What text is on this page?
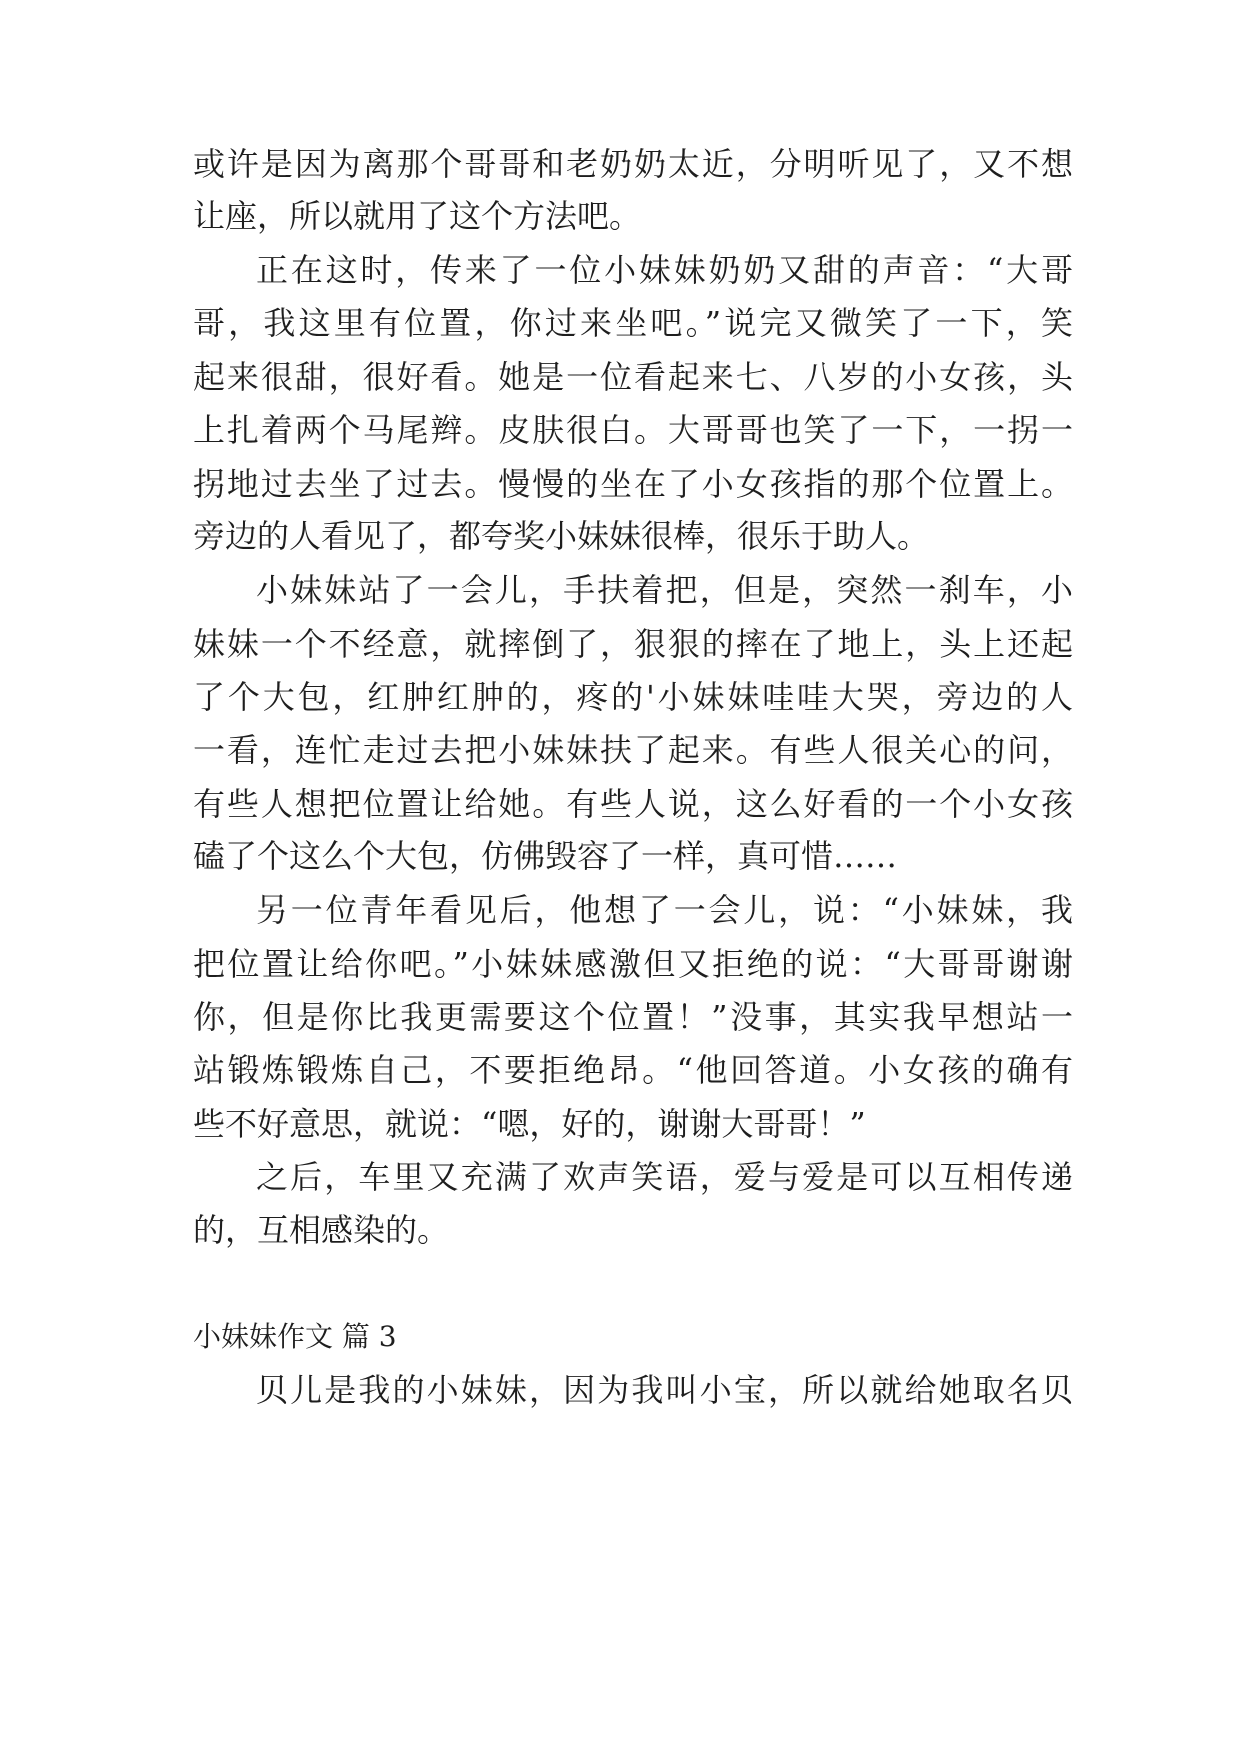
或许是因为离那个哥哥和老奶奶太近，分明听见了，又不想
让座，所以就用了这个方法吧。
正在这时，传来了一位小妹妹奶奶又甜的声音：“大哥
哥，我这里有位置，你过来坐吧。”说完又微笑了一下，笑
起来很甜，很好看。她是一位看起来七、八岁的小女孩，头
上扎着两个马尾辫。皮肤很白。大哥哥也笑了一下，一拐一
拐地过去坐了过去。慢慢的坐在了小女孩指的那个位置上。
旁边的人看见了，都夸奖小妹妹很棒，很乐于助人。
小妹妹站了一会儿，手扶着把，但是，突然一刹车，小
妹妹一个不经意，就摔倒了，狠狠的摔在了地上，头上还起
了个大包，红肿红肿的，疼的'小妹妹哇哇大哭，旁边的人
一看，连忙走过去把小妹妹扶了起来。有些人很关心的问，
有些人想把位置让给她。有些人说，这么好看的一个小女孩
磕了个这么个大包，仿佛毁容了一样，真可惜……
另一位青年看见后，他想了一会儿，说：“小妹妹，我
把位置让给你吧。”小妹妹感激但又拒绝的说：“大哥哥谢谢
你，但是你比我更需要这个位置！”没事，其实我早想站一
站锻炼锻炼自己，不要拒绝昂。“他回答道。小女孩的确有
些不好意思，就说：“嗯，好的，谢谢大哥哥！”
之后，车里又充满了欢声笑语，爱与爱是可以互相传递
的，互相感染的。
小妹妹作文 篇 3
贝儿是我的小妹妹，因为我叫小宝，所以就给她取名贝
